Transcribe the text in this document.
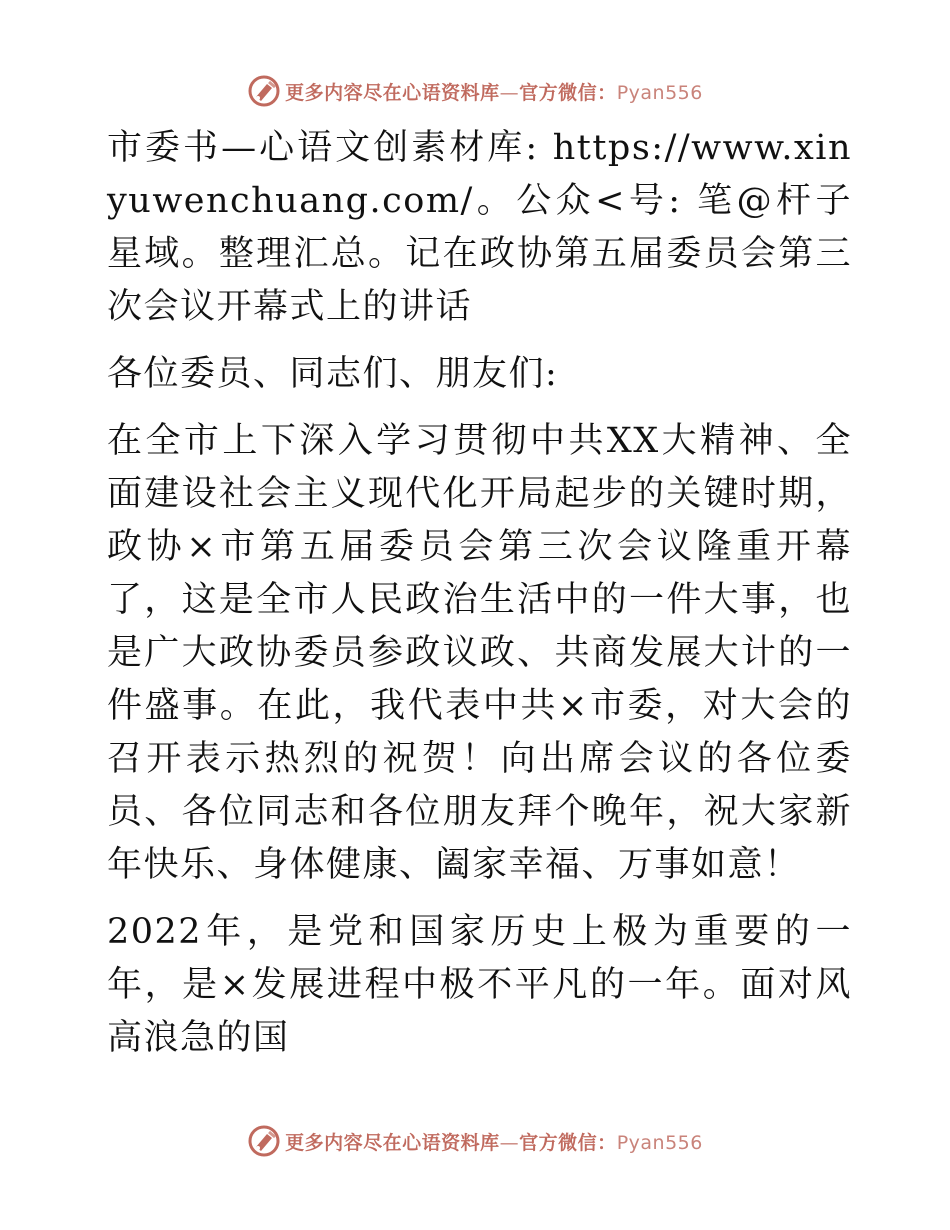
更多内容尽在心语资料库—官方微信：Pyan556

市委书—心语文创素材库: https://www.xinyuwenchuang.com/。公众<号: 笔@杆子星域。整理汇总。记在政协第五届委员会第三次会议开幕式上的讲话

各位委员、同志们、朋友们:

在全市上下深入学习贯彻中共XX大精神、全面建设社会主义现代化开局起步的关键时期，政协×市第五届委员会第三次会议隆重开幕了，这是全市人民政治生活中的一件大事，也是广大政协委员参政议政、共商发展大计的一件盛事。在此，我代表中共×市委，对大会的召开表示热烈的祝贺！向出席会议的各位委员、各位同志和各位朋友拜个晚年，祝大家新年快乐、身体健康、阖家幸福、万事如意！

2022年，是党和国家历史上极为重要的一年，是×发展进程中极不平凡的一年。面对风高浪急的国

更多内容尽在心语资料库—官方微信：Pyan556
